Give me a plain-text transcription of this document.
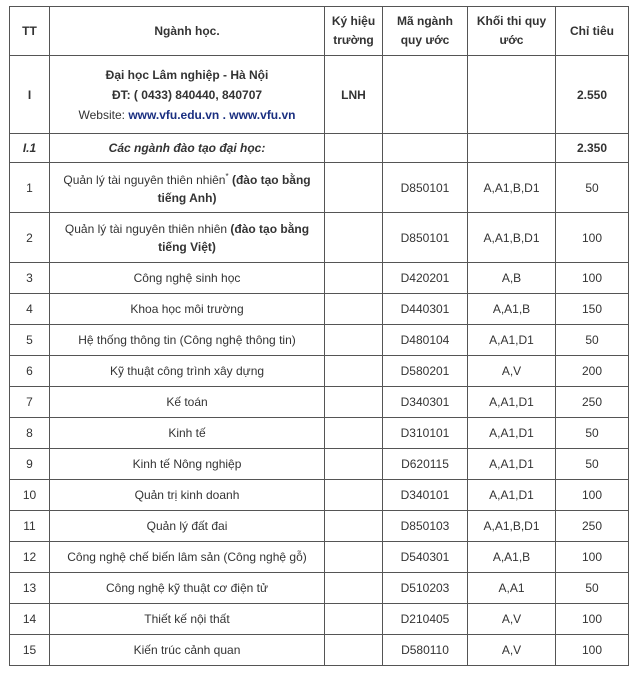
TT	Ngành học.	Ký hiệu trường	Mã ngành quy ước	Khối thi quy ước	Chỉ tiêu
I	Đại học Lâm nghiệp - Hà Nội
ĐT: ( 0433) 840440, 840707
Website: www.vfu.edu.vn . www.vfu.vn	LNH			2.550
I.1	Các ngành đào tạo đại học:				2.350
1	Quản lý tài nguyên thiên nhiên* (đào tạo bằng tiếng Anh)		D850101	A,A1,B,D1	50
2	Quản lý tài nguyên thiên nhiên (đào tạo bằng tiếng Việt)		D850101	A,A1,B,D1	100
3	Công nghệ sinh học		D420201	A,B	100
4	Khoa học môi trường		D440301	A,A1,B	150
5	Hệ thống thông tin (Công nghệ thông tin)		D480104	A,A1,D1	50
6	Kỹ thuật công trình xây dựng		D580201	A,V	200
7	Kế toán		D340301	A,A1,D1	250
8	Kinh tế		D310101	A,A1,D1	50
9	Kinh tế Nông nghiệp		D620115	A,A1,D1	50
10	Quản trị kinh doanh		D340101	A,A1,D1	100
11	Quản lý đất đai		D850103	A,A1,B,D1	250
12	Công nghệ chế biến lâm sản (Công nghệ gỗ)		D540301	A,A1,B	100
13	Công nghệ kỹ thuật cơ điện tử		D510203	A,A1	50
14	Thiết kế nội thất		D210405	A,V	100
15	Kiến trúc cảnh quan		D580110	A,V	100
